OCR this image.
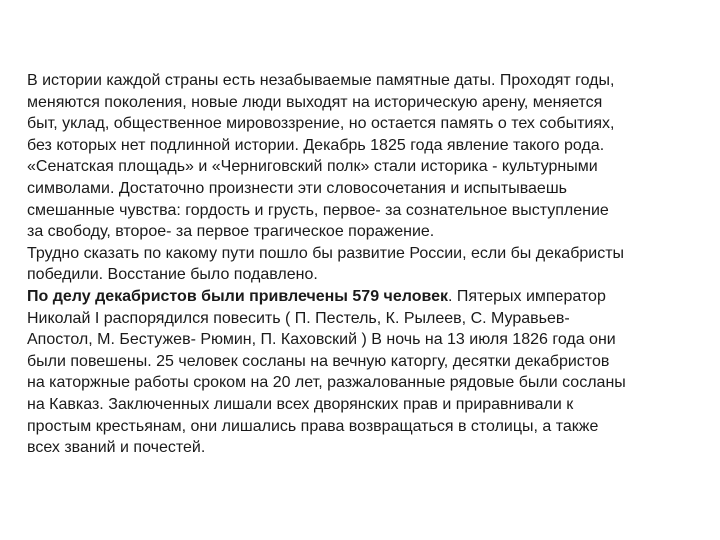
В истории каждой страны есть незабываемые памятные даты. Проходят годы,
меняются поколения, новые люди выходят на историческую арену, меняется
быт, уклад, общественное мировоззрение, но остается память о тех событиях,
без которых нет подлинной истории. Декабрь 1825 года явление такого рода.
«Сенатская площадь» и «Черниговский полк» стали историка - культурными
символами. Достаточно произнести эти словосочетания и испытываешь
смешанные чувства: гордость и грусть, первое- за сознательное выступление
за свободу, второе- за первое трагическое поражение.
Трудно сказать по какому пути пошло бы развитие России, если бы декабристы
победили. Восстание было подавлено.
По делу декабристов были привлечены 579 человек. Пятерых император
Николай I распорядился повесить ( П. Пестель, К. Рылеев, С. Муравьев-
Апостол, М. Бестужев- Рюмин, П. Каховский ) В ночь на 13 июля 1826 года они
были повешены. 25 человек сосланы на вечную каторгу, десятки декабристов
на каторжные работы сроком на 20 лет, разжалованные рядовые были сосланы
на Кавказ. Заключенных лишали всех дворянских прав и приравнивали к
простым крестьянам, они лишались права возвращаться в столицы, а также
всех званий и почестей.
